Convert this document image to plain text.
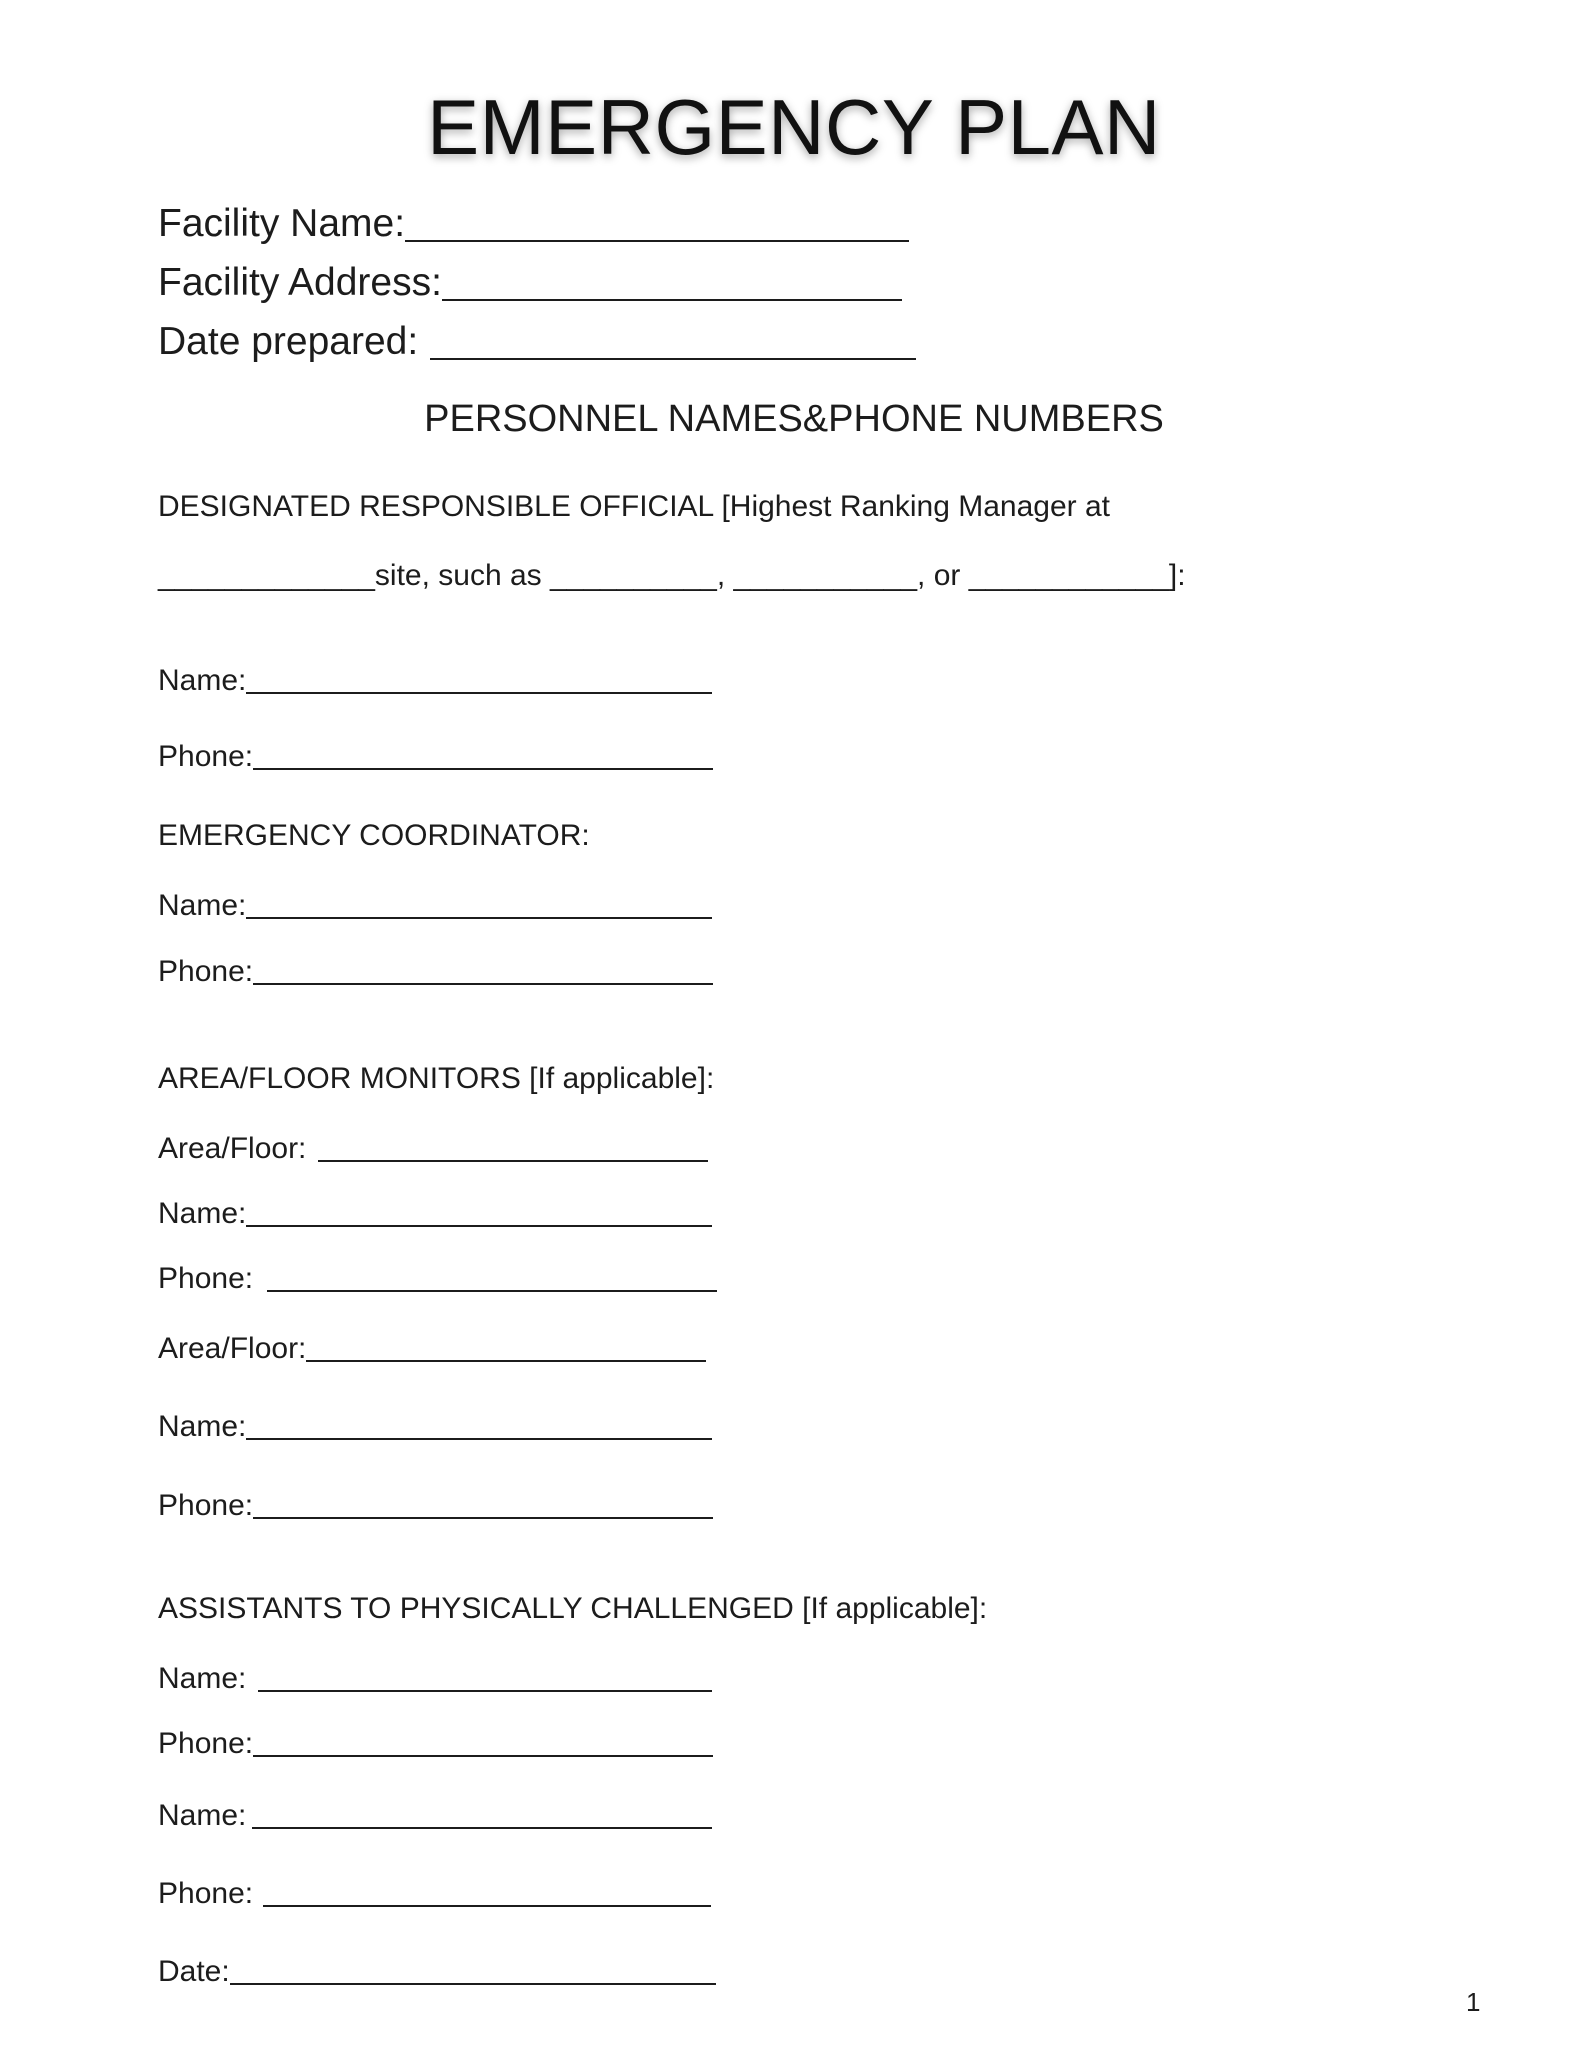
EMERGENCY PLAN
Facility Name:
Facility Address:
Date prepared:
PERSONNEL NAMES&PHONE NUMBERS
DESIGNATED RESPONSIBLE OFFICIAL [Highest Ranking Manager at
_____________site, such as __________, ___________, or ____________]:
Name:
Phone:
EMERGENCY COORDINATOR:
Name:
Phone:
AREA/FLOOR MONITORS [If applicable]:
Area/Floor:
Name:
Phone:
Area/Floor:
Name:
Phone:
ASSISTANTS TO PHYSICALLY CHALLENGED [If applicable]:
Name:
Phone:
Name:
Phone:
Date:
1
